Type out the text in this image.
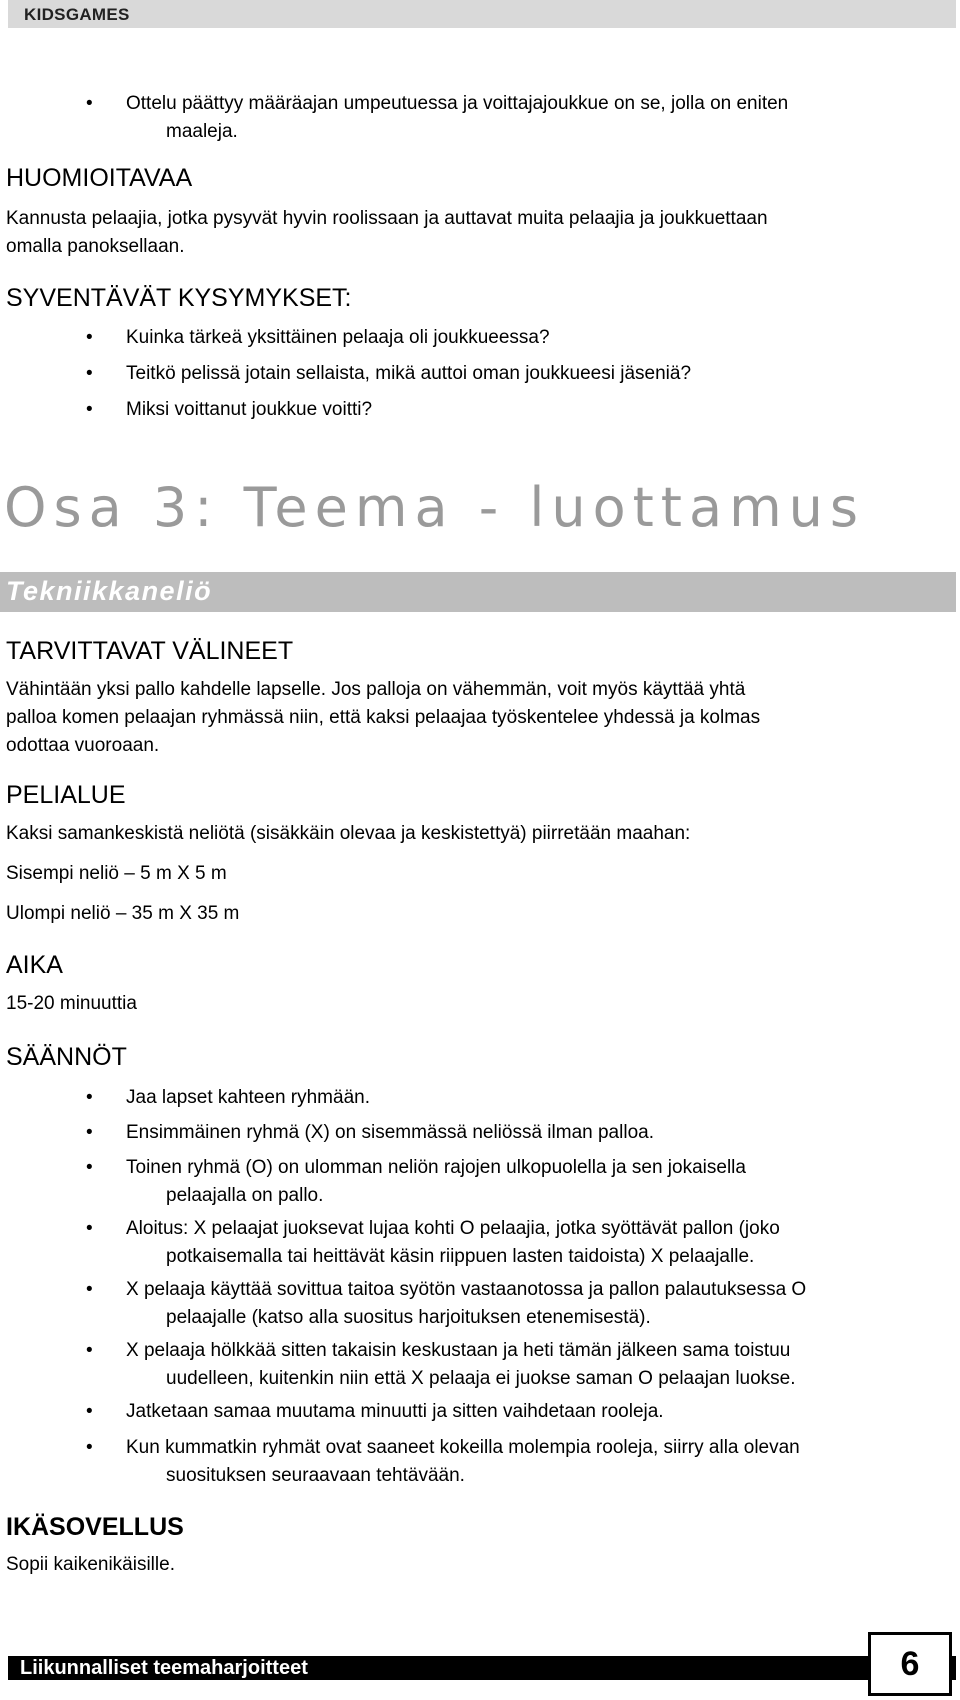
KIDSGAMES
• Ottelu päättyy määräajan umpeutuessa ja voittajajoukkue on se, jolla on eniten
maaleja.
HUOMIOITAVAA
Kannusta pelaajia, jotka pysyvät hyvin roolissaan ja auttavat muita pelaajia ja joukkuettaan
omalla panoksellaan.
SYVENTÄVÄT KYSYMYKSET:
• Kuinka tärkeä yksittäinen pelaaja oli joukkueessa?
• Teitkö pelissä jotain sellaista, mikä auttoi oman joukkueesi jäseniä?
• Miksi voittanut joukkue voitti?
Osa 3: Teema - luottamus
Tekniikkaneliö
TARVITTAVAT VÄLINEET
Vähintään yksi pallo kahdelle lapselle. Jos palloja on vähemmän, voit myös käyttää yhtä
palloa komen pelaajan ryhmässä niin, että kaksi pelaajaa työskentelee yhdessä ja kolmas
odottaa vuoroaan.
PELIALUE
Kaksi samankeskistä neliötä (sisäkkäin olevaa ja keskistettyä) piirretään maahan:
Sisempi neliö – 5 m X 5 m
Ulompi neliö – 35 m X 35 m
AIKA
15-20 minuuttia
SÄÄNNÖT
• Jaa lapset kahteen ryhmään.
• Ensimmäinen ryhmä (X) on sisemmässä neliössä ilman palloa.
• Toinen ryhmä (O) on ulomman neliön rajojen ulkopuolella ja sen jokaisella
pelaajalla on pallo.
• Aloitus: X pelaajat juoksevat lujaa kohti O pelaajia, jotka syöttävät pallon (joko
potkaisemalla tai heittävät käsin riippuen lasten taidoista) X pelaajalle.
• X pelaaja käyttää sovittua taitoa syötön vastaanotossa ja pallon palautuksessa O
pelaajalle (katso alla suositus harjoituksen etenemisestä).
• X pelaaja hölkkää sitten takaisin keskustaan ja heti tämän jälkeen sama toistuu
uudelleen, kuitenkin niin että X pelaaja ei juokse saman O pelaajan luokse.
• Jatketaan samaa muutama minuutti ja sitten vaihdetaan rooleja.
• Kun kummatkin ryhmät ovat saaneet kokeilla molempia rooleja, siirry alla olevan
suosituksen seuraavaan tehtävään.
IKÄSOVELLUS
Sopii kaikenikäisille.
Liikunnalliset teemaharjoitteet	6
